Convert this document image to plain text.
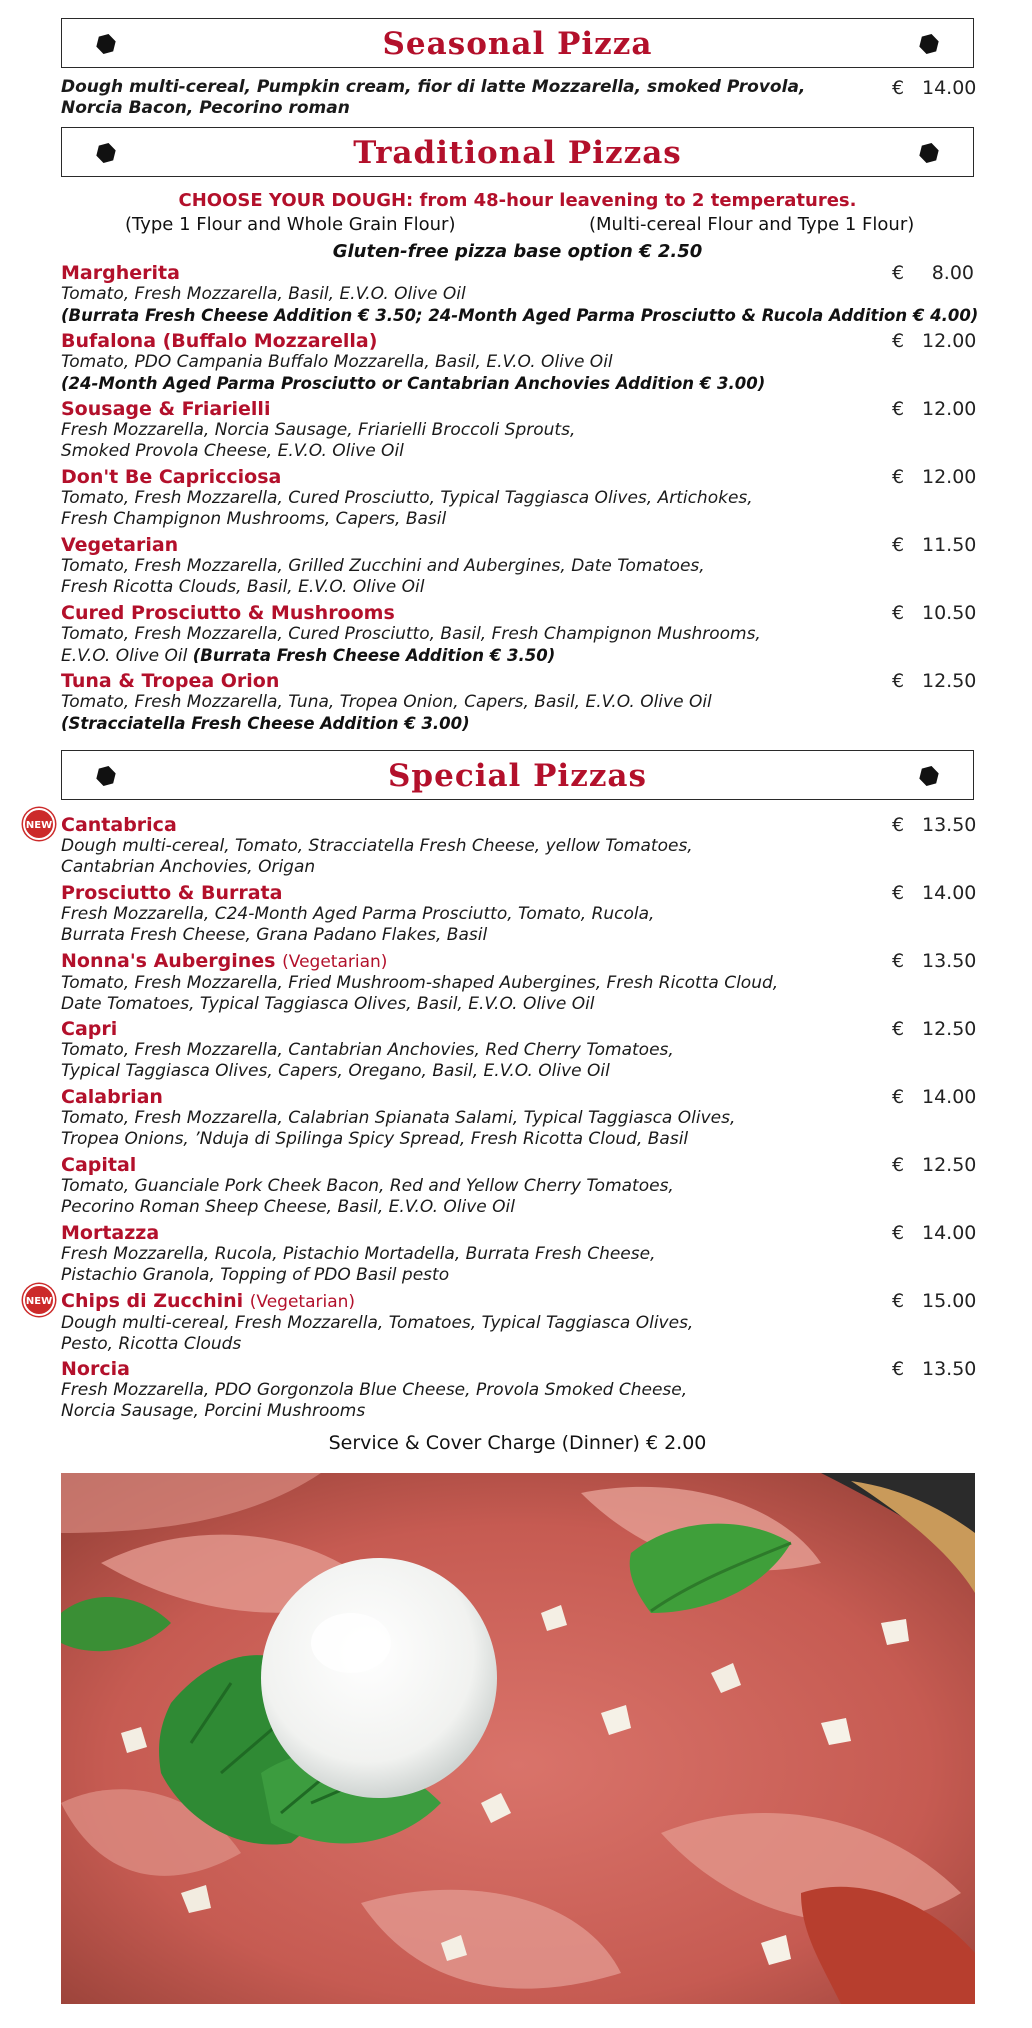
Seasonal Pizza
Dough multi-cereal, Pumpkin cream, fior di latte Mozzarella, smoked Provola,
Norcia Bacon, Pecorino roman
€ 14.00
Traditional Pizzas
CHOOSE YOUR DOUGH: from 48-hour leavening to 2 temperatures.
(Type 1 Flour and Whole Grain Flour)	(Multi-cereal Flour and Type 1 Flour)
Gluten-free pizza base option € 2.50
Margherita
Tomato, Fresh Mozzarella, Basil, E.V.O. Olive Oil
(Burrata Fresh Cheese Addition € 3.50; 24-Month Aged Parma Prosciutto & Rucola Addition € 4.00)
€ 8.00
Bufalona (Buffalo Mozzarella)
Tomato, PDO Campania Buffalo Mozzarella, Basil, E.V.O. Olive Oil
(24-Month Aged Parma Prosciutto or Cantabrian Anchovies Addition € 3.00)
€ 12.00
Sousage & Friarielli
Fresh Mozzarella, Norcia Sausage, Friarielli Broccoli Sprouts,
Smoked Provola Cheese, E.V.O. Olive Oil
€ 12.00
Don't Be Capricciosa
Tomato, Fresh Mozzarella, Cured Prosciutto, Typical Taggiasca Olives, Artichokes,
Fresh Champignon Mushrooms, Capers, Basil
€ 12.00
Vegetarian
Tomato, Fresh Mozzarella, Grilled Zucchini and Aubergines, Date Tomatoes,
Fresh Ricotta Clouds, Basil, E.V.O. Olive Oil
€ 11.50
Cured Prosciutto & Mushrooms
Tomato, Fresh Mozzarella, Cured Prosciutto, Basil, Fresh Champignon Mushrooms,
E.V.O. Olive Oil (Burrata Fresh Cheese Addition € 3.50)
€ 10.50
Tuna & Tropea Orion
Tomato, Fresh Mozzarella, Tuna, Tropea Onion, Capers, Basil, E.V.O. Olive Oil
(Stracciatella Fresh Cheese Addition € 3.00)
€ 12.50
Special Pizzas
NEW Cantabrica
Dough multi-cereal, Tomato, Stracciatella Fresh Cheese, yellow Tomatoes,
Cantabrian Anchovies, Origan
€ 13.50
Prosciutto & Burrata
Fresh Mozzarella, C24-Month Aged Parma Prosciutto, Tomato, Rucola,
Burrata Fresh Cheese, Grana Padano Flakes, Basil
€ 14.00
Nonna's Aubergines (Vegetarian)
Tomato, Fresh Mozzarella, Fried Mushroom-shaped Aubergines, Fresh Ricotta Cloud,
Date Tomatoes, Typical Taggiasca Olives, Basil, E.V.O. Olive Oil
€ 13.50
Capri
Tomato, Fresh Mozzarella, Cantabrian Anchovies, Red Cherry Tomatoes,
Typical Taggiasca Olives, Capers, Oregano, Basil, E.V.O. Olive Oil
€ 12.50
Calabrian
Tomato, Fresh Mozzarella, Calabrian Spianata Salami, Typical Taggiasca Olives,
Tropea Onions, ’Nduja di Spilinga Spicy Spread, Fresh Ricotta Cloud, Basil
€ 14.00
Capital
Tomato, Guanciale Pork Cheek Bacon, Red and Yellow Cherry Tomatoes,
Pecorino Roman Sheep Cheese, Basil, E.V.O. Olive Oil
€ 12.50
Mortazza
Fresh Mozzarella, Rucola, Pistachio Mortadella, Burrata Fresh Cheese,
Pistachio Granola, Topping of PDO Basil pesto
€ 14.00
NEW Chips di Zucchini (Vegetarian)
Dough multi-cereal, Fresh Mozzarella, Tomatoes, Typical Taggiasca Olives,
Pesto, Ricotta Clouds
€ 15.00
Norcia
Fresh Mozzarella, PDO Gorgonzola Blue Cheese, Provola Smoked Cheese,
Norcia Sausage, Porcini Mushrooms
€ 13.50
Service & Cover Charge (Dinner) € 2.00
